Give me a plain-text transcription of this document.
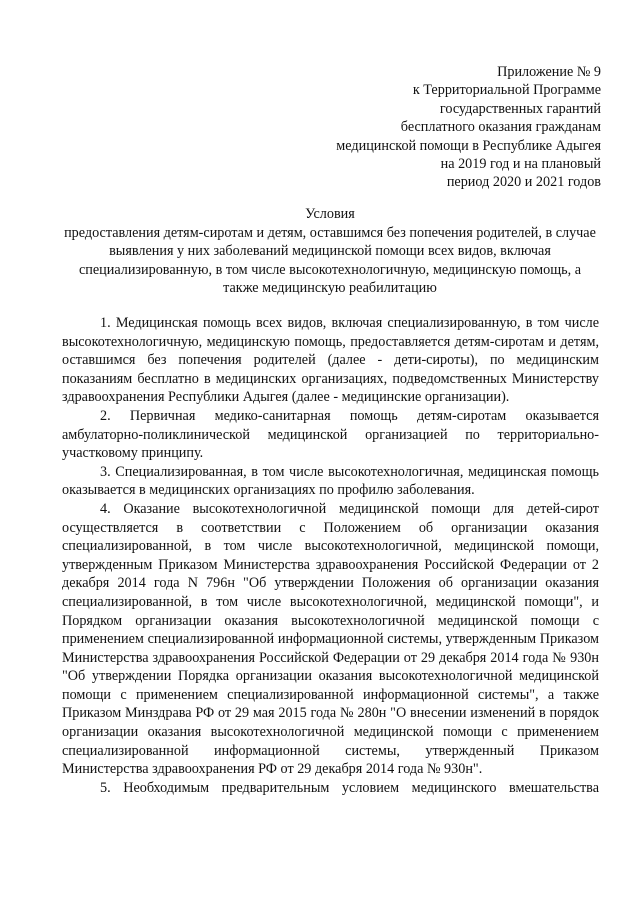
Приложение № 9
к Территориальной Программе
государственных гарантий
бесплатного оказания гражданам
медицинской помощи в Республике Адыгея
на 2019 год и на плановый
период 2020 и 2021 годов
Условия
предоставления детям-сиротам и детям, оставшимся без попечения родителей, в случае выявления у них заболеваний медицинской помощи всех видов, включая специализированную, в том числе высокотехнологичную, медицинскую помощь, а также медицинскую реабилитацию

1. Медицинская помощь всех видов, включая специализированную, в том числе высокотехнологичную, медицинскую помощь, предоставляется детям-сиротам и детям, оставшимся без попечения родителей (далее - дети-сироты), по медицинским показаниям бесплатно в медицинских организациях, подведомственных Министерству здравоохранения Республики Адыгея (далее - медицинские организации).

2. Первичная медико-санитарная помощь детям-сиротам оказывается амбулаторно-поликлинической медицинской организацией по территориально-участковому принципу.

3. Специализированная, в том числе высокотехнологичная, медицинская помощь оказывается в медицинских организациях по профилю заболевания.

4. Оказание высокотехнологичной медицинской помощи для детей-сирот осуществляется в соответствии с Положением об организации оказания специализированной, в том числе высокотехнологичной, медицинской помощи, утвержденным Приказом Министерства здравоохранения Российской Федерации от 2 декабря 2014 года N 796н "Об утверждении Положения об организации оказания специализированной, в том числе высокотехнологичной, медицинской помощи", и Порядком организации оказания высокотехнологичной медицинской помощи с применением специализированной информационной системы, утвержденным Приказом Министерства здравоохранения Российской Федерации от 29 декабря 2014 года № 930н "Об утверждении Порядка организации оказания высокотехнологичной медицинской помощи с применением специализированной информационной системы", а также Приказом Минздрава РФ от 29 мая 2015 года № 280н "О внесении изменений в порядок организации оказания высокотехнологичной медицинской помощи с применением специализированной информационной системы, утвержденный Приказом Министерства здравоохранения РФ от 29 декабря 2014 года № 930н".

5. Необходимым предварительным условием медицинского вмешательства
